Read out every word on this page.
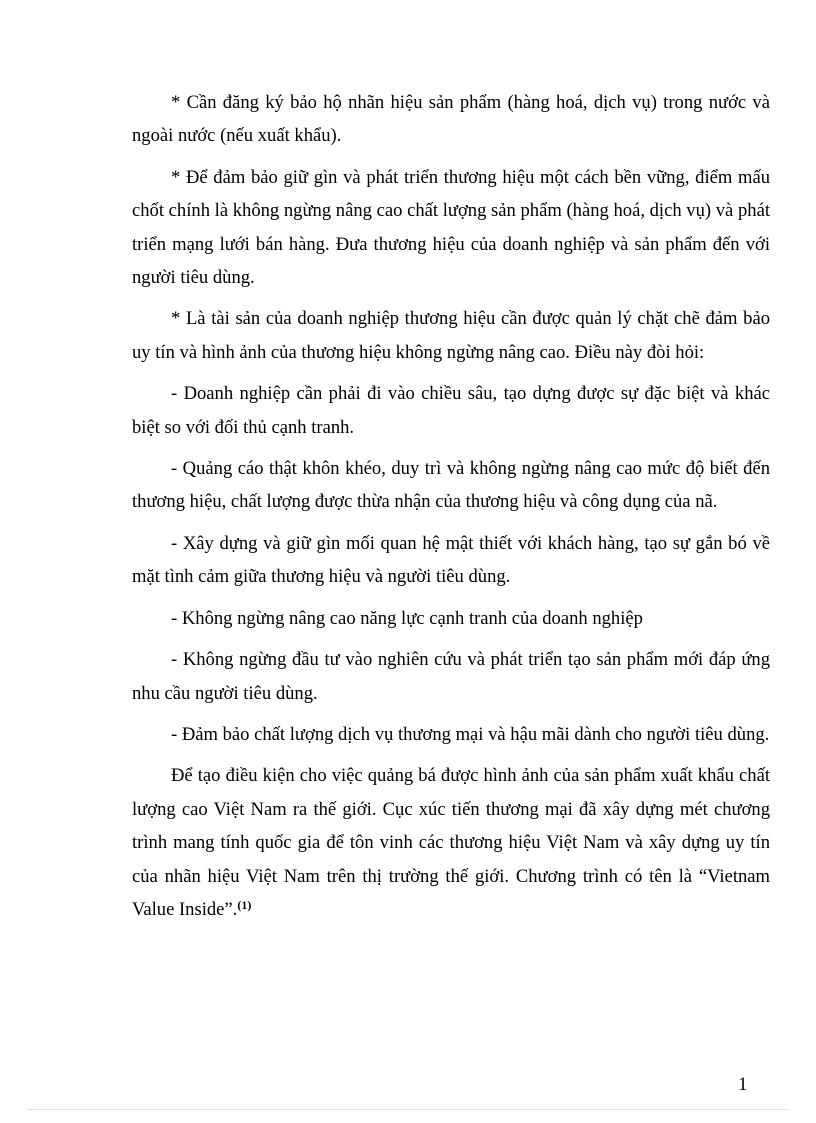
* Cần đăng ký bảo hộ nhãn hiệu sản phẩm (hàng hoá, dịch vụ) trong nước và ngoài nước (nếu xuất khẩu).

* Để đảm bảo giữ gìn và phát triển thương hiệu một cách bền vững, điểm mấu chốt chính là không ngừng nâng cao chất lượng sản phẩm (hàng hoá, dịch vụ) và phát triển mạng lưới bán hàng. Đưa thương hiệu của doanh nghiệp và sản phẩm đến với người tiêu dùng.

* Là tài sản của doanh nghiệp thương hiệu cần được quản lý chặt chẽ đảm bảo uy tín và hình ảnh của thương hiệu không ngừng nâng cao. Điều này đòi hỏi:

- Doanh nghiệp cần phải đi vào chiều sâu, tạo dựng được sự đặc biệt và khác biệt so với đối thủ cạnh tranh.

- Quảng cáo thật khôn khéo, duy trì và không ngừng nâng cao mức độ biết đến thương hiệu, chất lượng được thừa nhận của thương hiệu và công dụng của nã.

- Xây dựng và giữ gìn mối quan hệ mật thiết với khách hàng, tạo sự gắn bó về mặt tình cảm giữa thương hiệu và người tiêu dùng.

- Không ngừng nâng cao năng lực cạnh tranh của doanh nghiệp

- Không ngừng đầu tư vào nghiên cứu và phát triển tạo sản phẩm mới đáp ứng nhu cầu người tiêu dùng.

- Đảm bảo chất lượng dịch vụ thương mại và hậu mãi dành cho người tiêu dùng.

Để tạo điều kiện cho việc quảng bá được hình ảnh của sản phẩm xuất khẩu chất lượng cao Việt Nam ra thế giới. Cục xúc tiến thương mại đã xây dựng mét chương trình mang tính quốc gia để tôn vinh các thương hiệu Việt Nam và xây dựng uy tín của nhãn hiệu Việt Nam trên thị trường thế giới. Chương trình có tên là “Vietnam Value Inside”.$^{(1)}$

1
